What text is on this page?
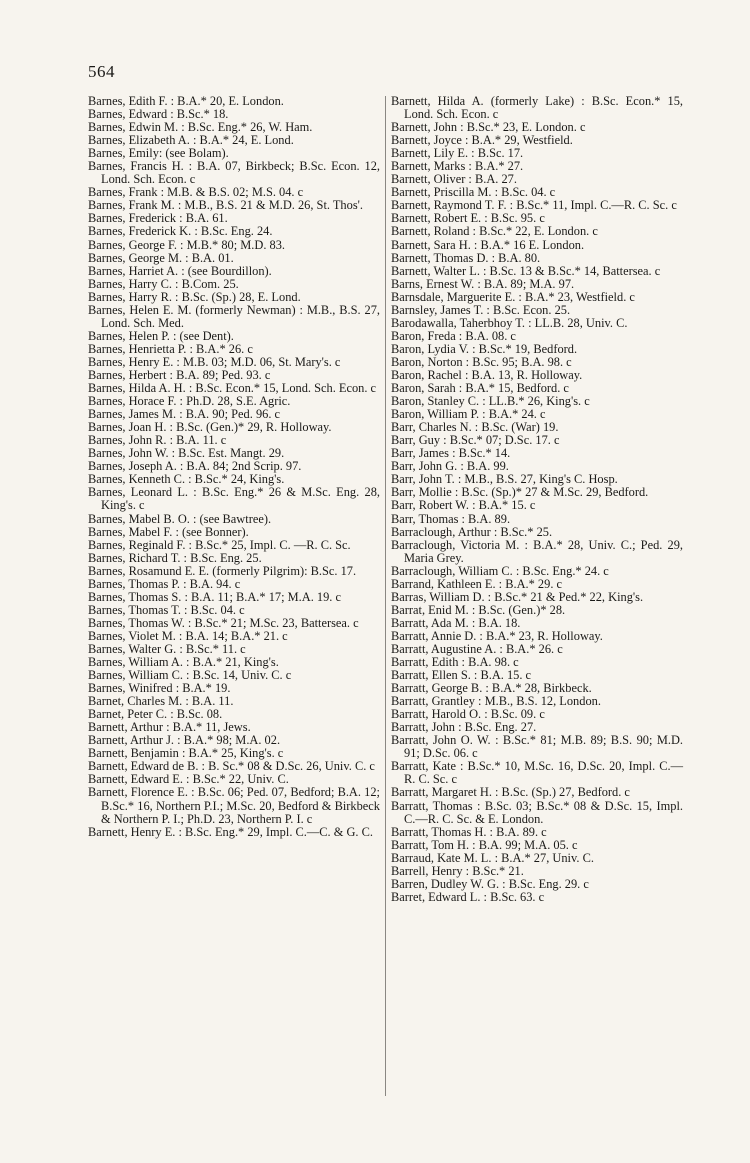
564

Barnes, Edith F. : B.A.* 20, E. London.

Barnes, Edward : B.Sc.* 18.

Barnes, Edwin M. : B.Sc. Eng.* 26, W. Ham.

Barnes, Elizabeth A. : B.A.* 24, E. Lond.

Barnes, Emily: (see Bolam).

Barnes, Francis H. : B.A. 07, Birkbeck; B.Sc. Econ. 12, Lond. Sch. Econ. c

Barnes, Frank : M.B. & B.S. 02; M.S. 04. c

Barnes, Frank M. : M.B., B.S. 21 & M.D. 26, St. Thos'.

Barnes, Frederick : B.A. 61.

Barnes, Frederick K. : B.Sc. Eng. 24.

Barnes, George F. : M.B.* 80; M.D. 83.

Barnes, George M. : B.A. 01.

Barnes, Harriet A. : (see Bourdillon).

Barnes, Harry C. : B.Com. 25.

Barnes, Harry R. : B.Sc. (Sp.) 28, E. Lond.

Barnes, Helen E. M. (formerly Newman) : M.B., B.S. 27, Lond. Sch. Med.

Barnes, Helen P. : (see Dent).

Barnes, Henrietta P. : B.A.* 26. c

Barnes, Henry E. : M.B. 03; M.D. 06, St. Mary's. c

Barnes, Herbert : B.A. 89; Ped. 93. c

Barnes, Hilda A. H. : B.Sc. Econ.* 15, Lond. Sch. Econ. c

Barnes, Horace F. : Ph.D. 28, S.E. Agric.

Barnes, James M. : B.A. 90; Ped. 96. c

Barnes, Joan H. : B.Sc. (Gen.)* 29, R. Holloway.

Barnes, John R. : B.A. 11. c

Barnes, John W. : B.Sc. Est. Mangt. 29.

Barnes, Joseph A. : B.A. 84; 2nd Scrip. 97.

Barnes, Kenneth C. : B.Sc.* 24, King's.

Barnes, Leonard L. : B.Sc. Eng.* 26 & M.Sc. Eng. 28, King's. c

Barnes, Mabel B. O. : (see Bawtree).

Barnes, Mabel F. : (see Bonner).

Barnes, Reginald F. : B.Sc.* 25, Impl. C. —R. C. Sc.

Barnes, Richard T. : B.Sc. Eng. 25.

Barnes, Rosamund E. E. (formerly Pilgrim): B.Sc. 17.

Barnes, Thomas P. : B.A. 94. c

Barnes, Thomas S. : B.A. 11; B.A.* 17; M.A. 19. c

Barnes, Thomas T. : B.Sc. 04. c

Barnes, Thomas W. : B.Sc.* 21; M.Sc. 23, Battersea. c

Barnes, Violet M. : B.A. 14; B.A.* 21. c

Barnes, Walter G. : B.Sc.* 11. c

Barnes, William A. : B.A.* 21, King's.

Barnes, William C. : B.Sc. 14, Univ. C. c

Barnes, Winifred : B.A.* 19.

Barnet, Charles M. : B.A. 11.

Barnet, Peter C. : B.Sc. 08.

Barnett, Arthur : B.A.* 11, Jews.

Barnett, Arthur J. : B.A.* 98; M.A. 02.

Barnett, Benjamin : B.A.* 25, King's. c

Barnett, Edward de B. : B. Sc.* 08 & D.Sc. 26, Univ. C. c

Barnett, Edward E. : B.Sc.* 22, Univ. C.

Barnett, Florence E. : B.Sc. 06; Ped. 07, Bedford; B.A. 12; B.Sc.* 16, Northern P.I.; M.Sc. 20, Bedford & Birkbeck & Northern P. I.; Ph.D. 23, Northern P. I. c

Barnett, Henry E. : B.Sc. Eng.* 29, Impl. C.—C. & G. C.

Barnett, Hilda A. (formerly Lake) : B.Sc. Econ.* 15, Lond. Sch. Econ. c

Barnett, John : B.Sc.* 23, E. London. c

Barnett, Joyce : B.A.* 29, Westfield.

Barnett, Lily E. : B.Sc. 17.

Barnett, Marks : B.A.* 27.

Barnett, Oliver : B.A. 27.

Barnett, Priscilla M. : B.Sc. 04. c

Barnett, Raymond T. F. : B.Sc.* 11, Impl. C.—R. C. Sc. c

Barnett, Robert E. : B.Sc. 95. c

Barnett, Roland : B.Sc.* 22, E. London. c

Barnett, Sara H. : B.A.* 16 E. London.

Barnett, Thomas D. : B.A. 80.

Barnett, Walter L. : B.Sc. 13 & B.Sc.* 14, Battersea. c

Barns, Ernest W. : B.A. 89; M.A. 97.

Barnsdale, Marguerite E. : B.A.* 23, Westfield. c

Barnsley, James T. : B.Sc. Econ. 25.

Barodawalla, Taherbhoy T. : LL.B. 28, Univ. C.

Baron, Freda : B.A. 08. c

Baron, Lydia V. : B.Sc.* 19, Bedford.

Baron, Norton : B.Sc. 95; B.A. 98. c

Baron, Rachel : B.A. 13, R. Holloway.

Baron, Sarah : B.A.* 15, Bedford. c

Baron, Stanley C. : LL.B.* 26, King's. c

Baron, William P. : B.A.* 24. c

Barr, Charles N. : B.Sc. (War) 19.

Barr, Guy : B.Sc.* 07; D.Sc. 17. c

Barr, James : B.Sc.* 14.

Barr, John G. : B.A. 99.

Barr, John T. : M.B., B.S. 27, King's C. Hosp.

Barr, Mollie : B.Sc. (Sp.)* 27 & M.Sc. 29, Bedford.

Barr, Robert W. : B.A.* 15. c

Barr, Thomas : B.A. 89.

Barraclough, Arthur : B.Sc.* 25.

Barraclough, Victoria M. : B.A.* 28, Univ. C.; Ped. 29, Maria Grey.

Barraclough, William C. : B.Sc. Eng.* 24. c

Barrand, Kathleen E. : B.A.* 29. c

Barras, William D. : B.Sc.* 21 & Ped.* 22, King's.

Barrat, Enid M. : B.Sc. (Gen.)* 28.

Barratt, Ada M. : B.A. 18.

Barratt, Annie D. : B.A.* 23, R. Holloway.

Barratt, Augustine A. : B.A.* 26. c

Barratt, Edith : B.A. 98. c

Barratt, Ellen S. : B.A. 15. c

Barratt, George B. : B.A.* 28, Birkbeck.

Barratt, Grantley : M.B., B.S. 12, London.

Barratt, Harold O. : B.Sc. 09. c

Barratt, John : B.Sc. Eng. 27.

Barratt, John O. W. : B.Sc.* 81; M.B. 89; B.S. 90; M.D. 91; D.Sc. 06. c

Barratt, Kate : B.Sc.* 10, M.Sc. 16, D.Sc. 20, Impl. C.—R. C. Sc. c

Barratt, Margaret H. : B.Sc. (Sp.) 27, Bedford. c

Barratt, Thomas : B.Sc. 03; B.Sc.* 08 & D.Sc. 15, Impl. C.—R. C. Sc. & E. London.

Barratt, Thomas H. : B.A. 89. c

Barratt, Tom H. : B.A. 99; M.A. 05. c

Barraud, Kate M. L. : B.A.* 27, Univ. C.

Barrell, Henry : B.Sc.* 21.

Barren, Dudley W. G. : B.Sc. Eng. 29. c

Barret, Edward L. : B.Sc. 63. c
